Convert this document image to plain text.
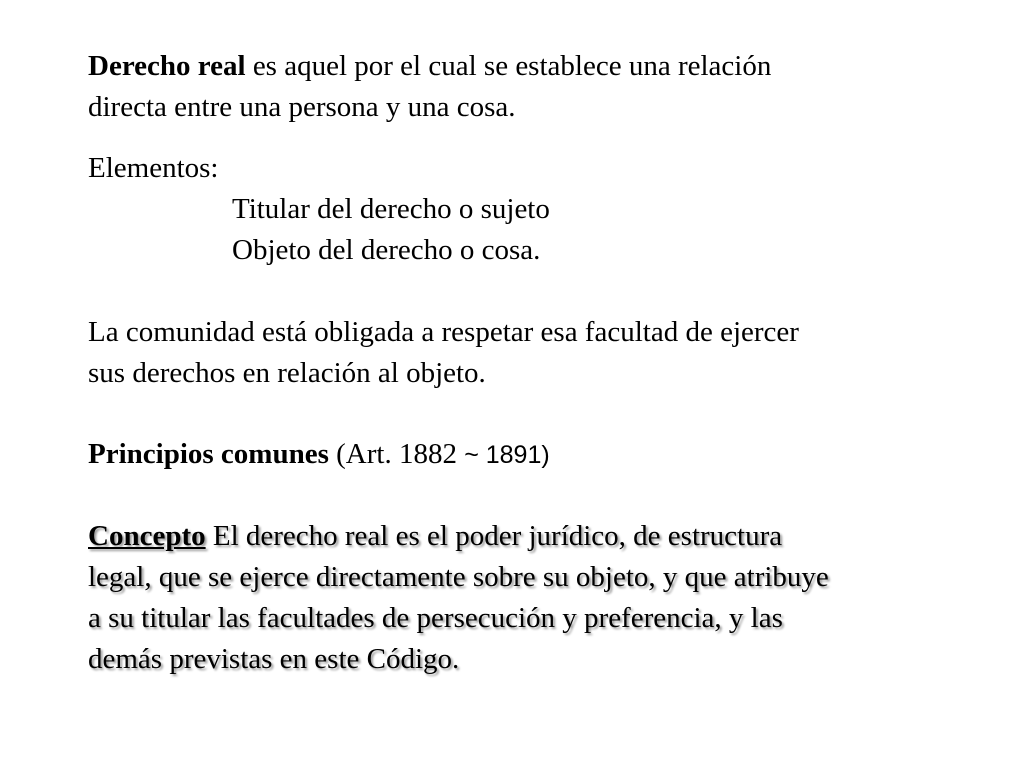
Derecho real es aquel por el cual se establece una relación
directa entre una persona y una cosa.

Elementos:
Titular del derecho o sujeto
Objeto del derecho o cosa.

La comunidad está obligada a respetar esa facultad de ejercer
sus derechos en relación al objeto.

Principios comunes (Art. 1882 ~ 1891)

Concepto El derecho real es el poder jurídico, de estructura
legal, que se ejerce directamente sobre su objeto, y que atribuye
a su titular las facultades de persecución y preferencia, y las
demás previstas en este Código.
